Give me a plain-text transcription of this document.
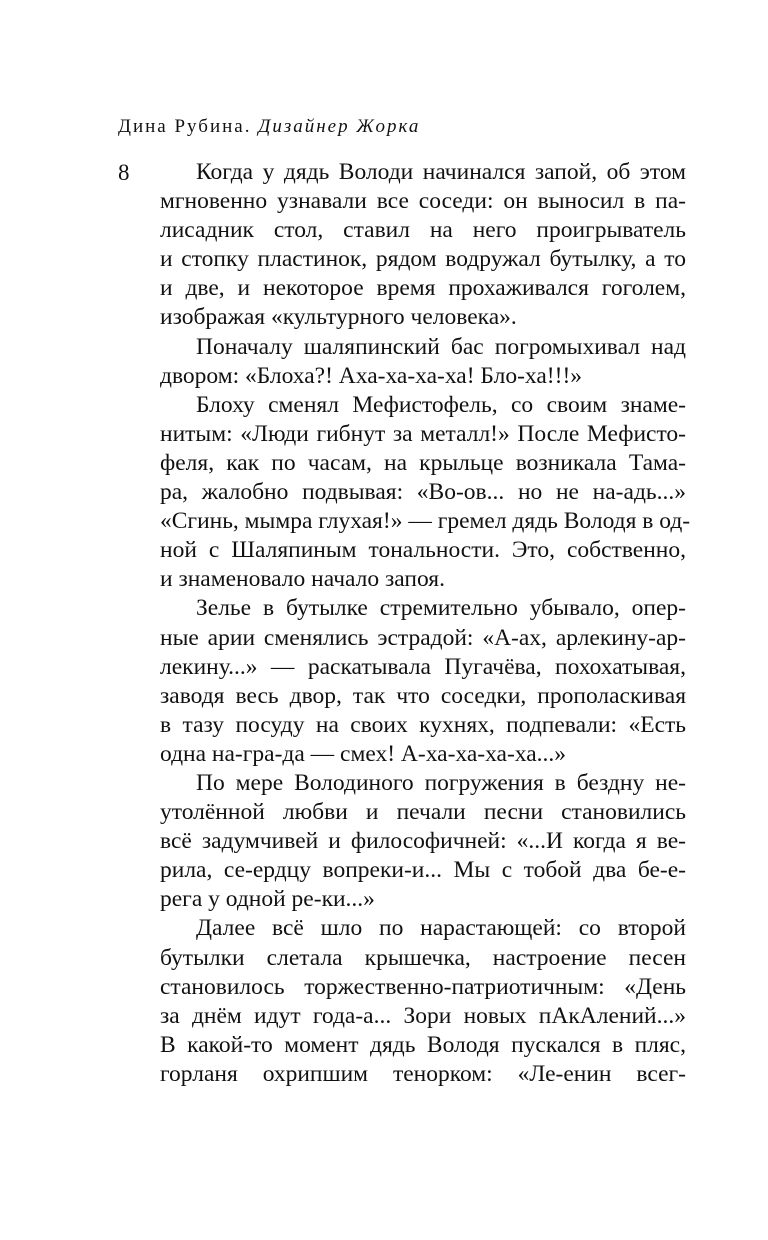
Дина Рубина. Дизайнер Жорка
8	Когда у дядь Володи начинался запой, об этом
мгновенно узнавали все соседи: он выносил в па-
лисадник стол, ставил на него проигрыватель
и стопку пластинок, рядом водружал бутылку, а то
и две, и некоторое время прохаживался гоголем,
изображая «культурного человека».
Поначалу шаляпинский бас погромыхивал над
двором: «Блоха?! Аха-ха-ха-ха! Бло-ха!!!»
Блоху сменял Мефистофель, со своим знаме-
нитым: «Люди гибнут за металл!» После Мефисто-
феля, как по часам, на крыльце возникала Тама-
ра, жалобно подвывая: «Во-ов... но не на-адь...»
«Сгинь, мымра глухая!» — гремел дядь Володя в од-
ной с Шаляпиным тональности. Это, собственно,
и знаменовало начало запоя.
Зелье в бутылке стремительно убывало, опер-
ные арии сменялись эстрадой: «А-ах, арлекину-ар-
лекину...» — раскатывала Пугачёва, похохатывая,
заводя весь двор, так что соседки, прополаскивая
в тазу посуду на своих кухнях, подпевали: «Есть
одна на-гра-да — смех! А-ха-ха-ха-ха...»
По мере Володиного погружения в бездну не-
утолённой любви и печали песни становились
всё задумчивей и философичней: «...И когда я ве-
рила, се-ердцу вопреки-и... Мы с тобой два бе-е-
рега у одной ре-ки...»
Далее всё шло по нарастающей: со второй
бутылки слетала крышечка, настроение песен
становилось торжественно-патриотичным: «День
за днём идут года-а... Зори новых пАкАлений...»
В какой-то момент дядь Володя пускался в пляс,
горланя охрипшим тенорком: «Ле-енин всег-
